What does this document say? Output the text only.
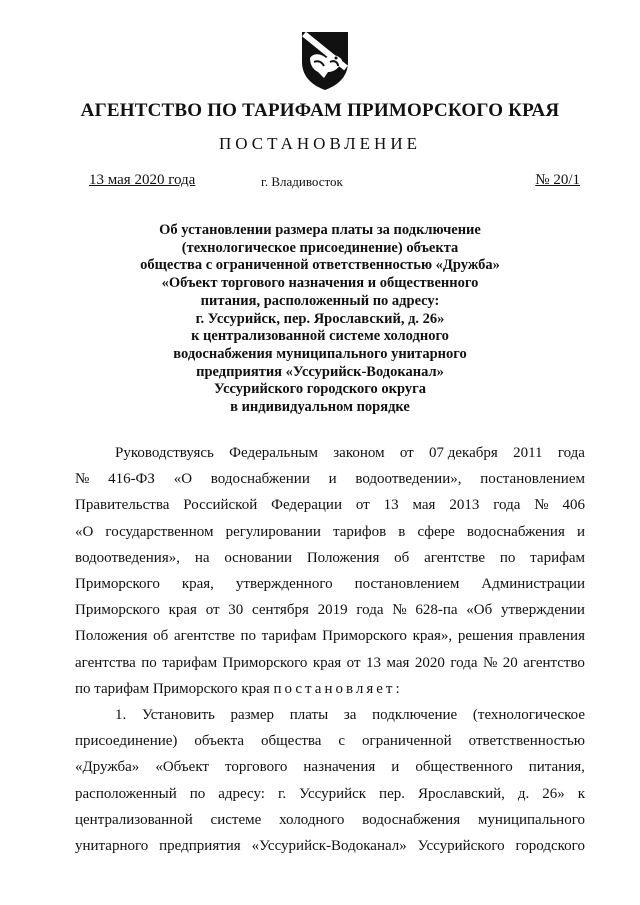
АГЕНТСТВО ПО ТАРИФАМ ПРИМОРСКОГО КРАЯ
ПОСТАНОВЛЕНИЕ
13 мая 2020 года	г. Владивосток	№ 20/1
Об установлении размера платы за подключение
(технологическое присоединение) объекта
общества с ограниченной ответственностью «Дружба»
«Объект торгового назначения и общественного
питания, расположенный по адресу:
г. Уссурийск, пер. Ярославский, д. 26»
к централизованной системе холодного
водоснабжения муниципального унитарного
предприятия «Уссурийск-Водоканал»
Уссурийского городского округа
в индивидуальном порядке
Руководствуясь Федеральным законом от 07 декабря 2011 года
№ 416-ФЗ «О водоснабжении и водоотведении», постановлением
Правительства Российской Федерации от 13 мая 2013 года № 406
«О государственном регулировании тарифов в сфере водоснабжения и
водоотведения», на основании Положения об агентстве по тарифам
Приморского края, утвержденного постановлением Администрации
Приморского края от 30 сентября 2019 года № 628-па «Об утверждении
Положения об агентстве по тарифам Приморского края», решения правления
агентства по тарифам Приморского края от 13 мая 2020 года № 20 агентство
по тарифам Приморского края постановляет:
1. Установить размер платы за подключение (технологическое
присоединение) объекта общества с ограниченной ответственностью
«Дружба» «Объект торгового назначения и общественного питания,
расположенный по адресу: г. Уссурийск пер. Ярославский, д. 26» к
централизованной системе холодного водоснабжения муниципального
унитарного предприятия «Уссурийск-Водоканал» Уссурийского городского
